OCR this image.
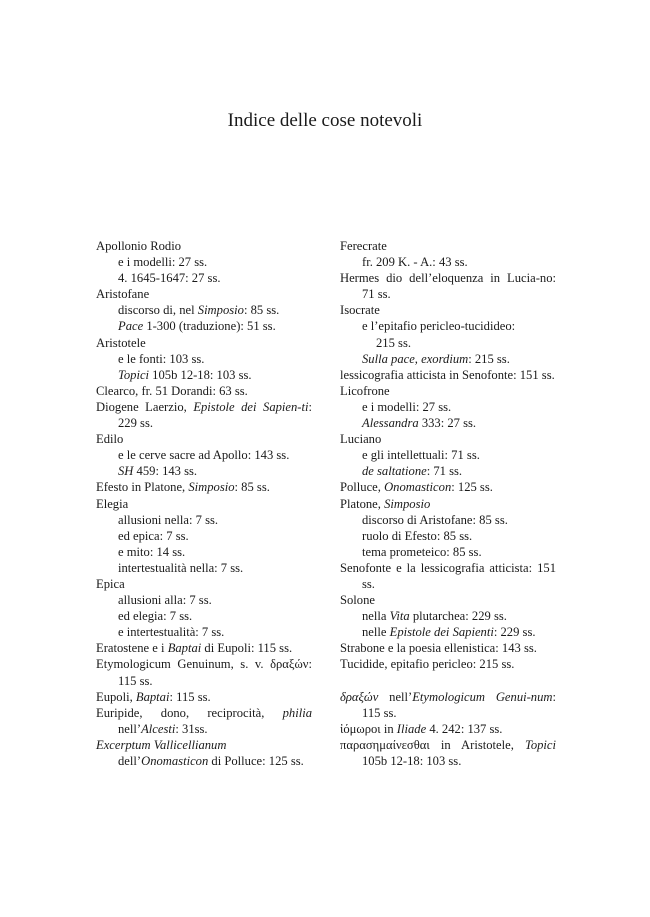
Indice delle cose notevoli

Apollonio Rodio

e i modelli: 27 ss.

4. 1645-1647: 27 ss.

Aristofane

discorso di, nel Simposio: 85 ss.

Pace 1-300 (traduzione): 51 ss.

Aristotele

e le fonti: 103 ss.

Topici 105b 12-18: 103 ss.

Clearco, fr. 51 Dorandi: 63 ss.

Diogene Laerzio, Epistole dei Sapien-ti: 229 ss.

Edilo

e le cerve sacre ad Apollo: 143 ss.

SH 459: 143 ss.

Efesto in Platone, Simposio: 85 ss.

Elegia

allusioni nella: 7 ss.

ed epica: 7 ss.

e mito: 14 ss.

intertestualità nella: 7 ss.

Epica

allusioni alla: 7 ss.

ed elegia: 7 ss.

e intertestualità: 7 ss.

Eratostene e i Baptai di Eupoli: 115 ss.

Etymologicum Genuinum, s. v. δραξών: 115 ss.

Eupoli, Baptai: 115 ss.

Euripide, dono, reciprocità, philia nell’Alcesti: 31ss.

Excerptum Vallicellianum

dell’Onomasticon di Polluce: 125 ss.

Ferecrate

fr. 209 K. - A.: 43 ss.

Hermes dio dell’eloquenza in Lucia-no: 71 ss.

Isocrate

e l’epitafio pericleo-tucidideo:

215 ss.

Sulla pace, exordium: 215 ss.

lessicografia atticista in Senofonte: 151 ss.

Licofrone

e i modelli: 27 ss.

Alessandra 333: 27 ss.

Luciano

e gli intellettuali: 71 ss.

de saltatione: 71 ss.

Polluce, Onomasticon: 125 ss.

Platone, Simposio

discorso di Aristofane: 85 ss.

ruolo di Efesto: 85 ss.

tema prometeico: 85 ss.

Senofonte e la lessicografia atticista: 151 ss.

Solone

nella Vita plutarchea: 229 ss.

nelle Epistole dei Sapienti: 229 ss.

Strabone e la poesia ellenistica: 143 ss.

Tucidide, epitafio pericleo: 215 ss.

δραξών nell’Etymologicum Genui-num: 115 ss.

ἰόμωροι in Iliade 4. 242: 137 ss.

παρασημαίνεσθαι in Aristotele, Topici 105b 12-18: 103 ss.
